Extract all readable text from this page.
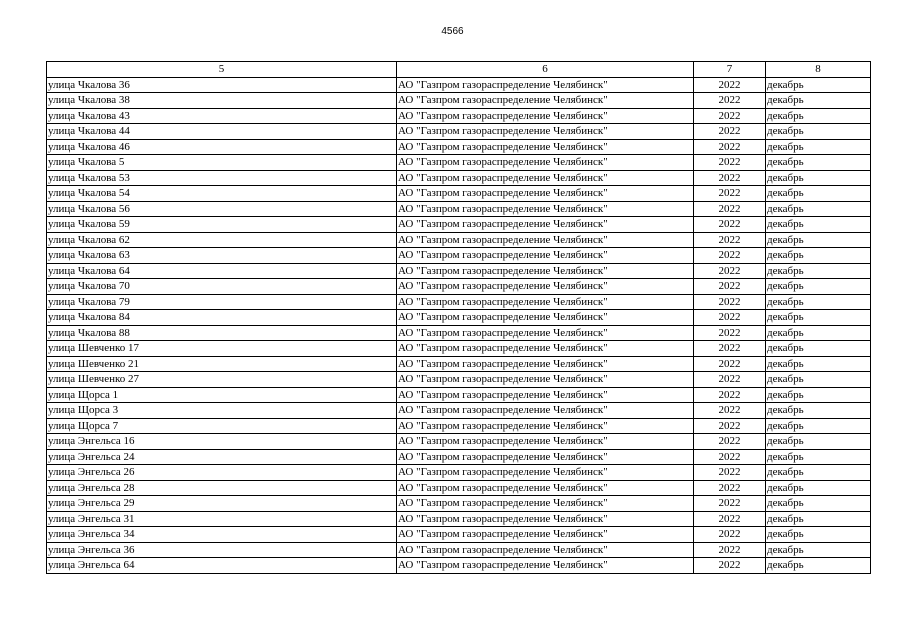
4566
5	6	7	8
улица Чкалова 36	АО "Газпром газораспределение Челябинск"	2022	декабрь
улица Чкалова 38	АО "Газпром газораспределение Челябинск"	2022	декабрь
улица Чкалова 43	АО "Газпром газораспределение Челябинск"	2022	декабрь
улица Чкалова 44	АО "Газпром газораспределение Челябинск"	2022	декабрь
улица Чкалова 46	АО "Газпром газораспределение Челябинск"	2022	декабрь
улица Чкалова 5	АО "Газпром газораспределение Челябинск"	2022	декабрь
улица Чкалова 53	АО "Газпром газораспределение Челябинск"	2022	декабрь
улица Чкалова 54	АО "Газпром газораспределение Челябинск"	2022	декабрь
улица Чкалова 56	АО "Газпром газораспределение Челябинск"	2022	декабрь
улица Чкалова 59	АО "Газпром газораспределение Челябинск"	2022	декабрь
улица Чкалова 62	АО "Газпром газораспределение Челябинск"	2022	декабрь
улица Чкалова 63	АО "Газпром газораспределение Челябинск"	2022	декабрь
улица Чкалова 64	АО "Газпром газораспределение Челябинск"	2022	декабрь
улица Чкалова 70	АО "Газпром газораспределение Челябинск"	2022	декабрь
улица Чкалова 79	АО "Газпром газораспределение Челябинск"	2022	декабрь
улица Чкалова 84	АО "Газпром газораспределение Челябинск"	2022	декабрь
улица Чкалова 88	АО "Газпром газораспределение Челябинск"	2022	декабрь
улица Шевченко 17	АО "Газпром газораспределение Челябинск"	2022	декабрь
улица Шевченко 21	АО "Газпром газораспределение Челябинск"	2022	декабрь
улица Шевченко 27	АО "Газпром газораспределение Челябинск"	2022	декабрь
улица Щорса 1	АО "Газпром газораспределение Челябинск"	2022	декабрь
улица Щорса 3	АО "Газпром газораспределение Челябинск"	2022	декабрь
улица Щорса 7	АО "Газпром газораспределение Челябинск"	2022	декабрь
улица Энгельса 16	АО "Газпром газораспределение Челябинск"	2022	декабрь
улица Энгельса 24	АО "Газпром газораспределение Челябинск"	2022	декабрь
улица Энгельса 26	АО "Газпром газораспределение Челябинск"	2022	декабрь
улица Энгельса 28	АО "Газпром газораспределение Челябинск"	2022	декабрь
улица Энгельса 29	АО "Газпром газораспределение Челябинск"	2022	декабрь
улица Энгельса 31	АО "Газпром газораспределение Челябинск"	2022	декабрь
улица Энгельса 34	АО "Газпром газораспределение Челябинск"	2022	декабрь
улица Энгельса 36	АО "Газпром газораспределение Челябинск"	2022	декабрь
улица Энгельса 64	АО "Газпром газораспределение Челябинск"	2022	декабрь
